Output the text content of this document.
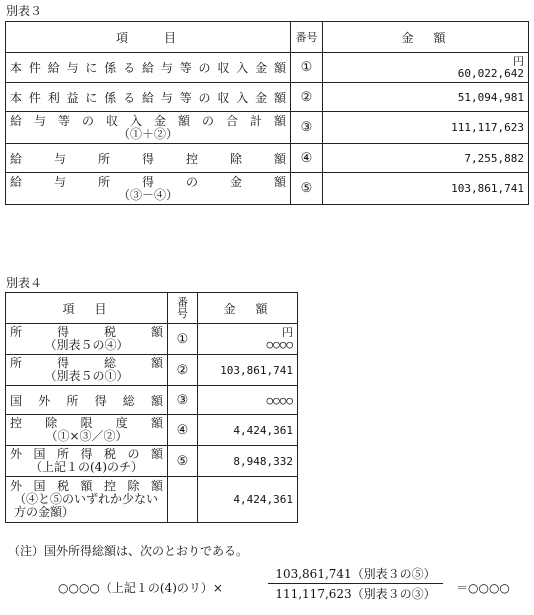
別表３
項　　目	番号	金　額

本件給与に係る給与等の収入金額	①	円
60,022,642

本件利益に係る給与等の収入金額	②	51,094,981

給与等の収入金額の合計額
（①＋②）	③	111,117,623

給与所得控除額	④	7,255,882

給与所得の金額
（③－④）	⑤	103,861,741
別表４
項　目	番号	金　額

所得税額
（別表５の④）	①	円
○○○○

所得総額
（別表５の①）	②	103,861,741

国外所得総額	③	○○○○

控除限度額
（①×③／②）	④	4,424,361

外国所得税の額
（上記１の(4)のチ）	⑤	8,948,332

外国税額控除額
（④と⑤のいずれか少ない方の金額）		4,424,361
（注）国外所得総額は、次のとおりである。
○○○○（上記１の(4)のリ）×
103,861,741（別表３の⑤）
111,117,623（別表３の③）	＝○○○○
